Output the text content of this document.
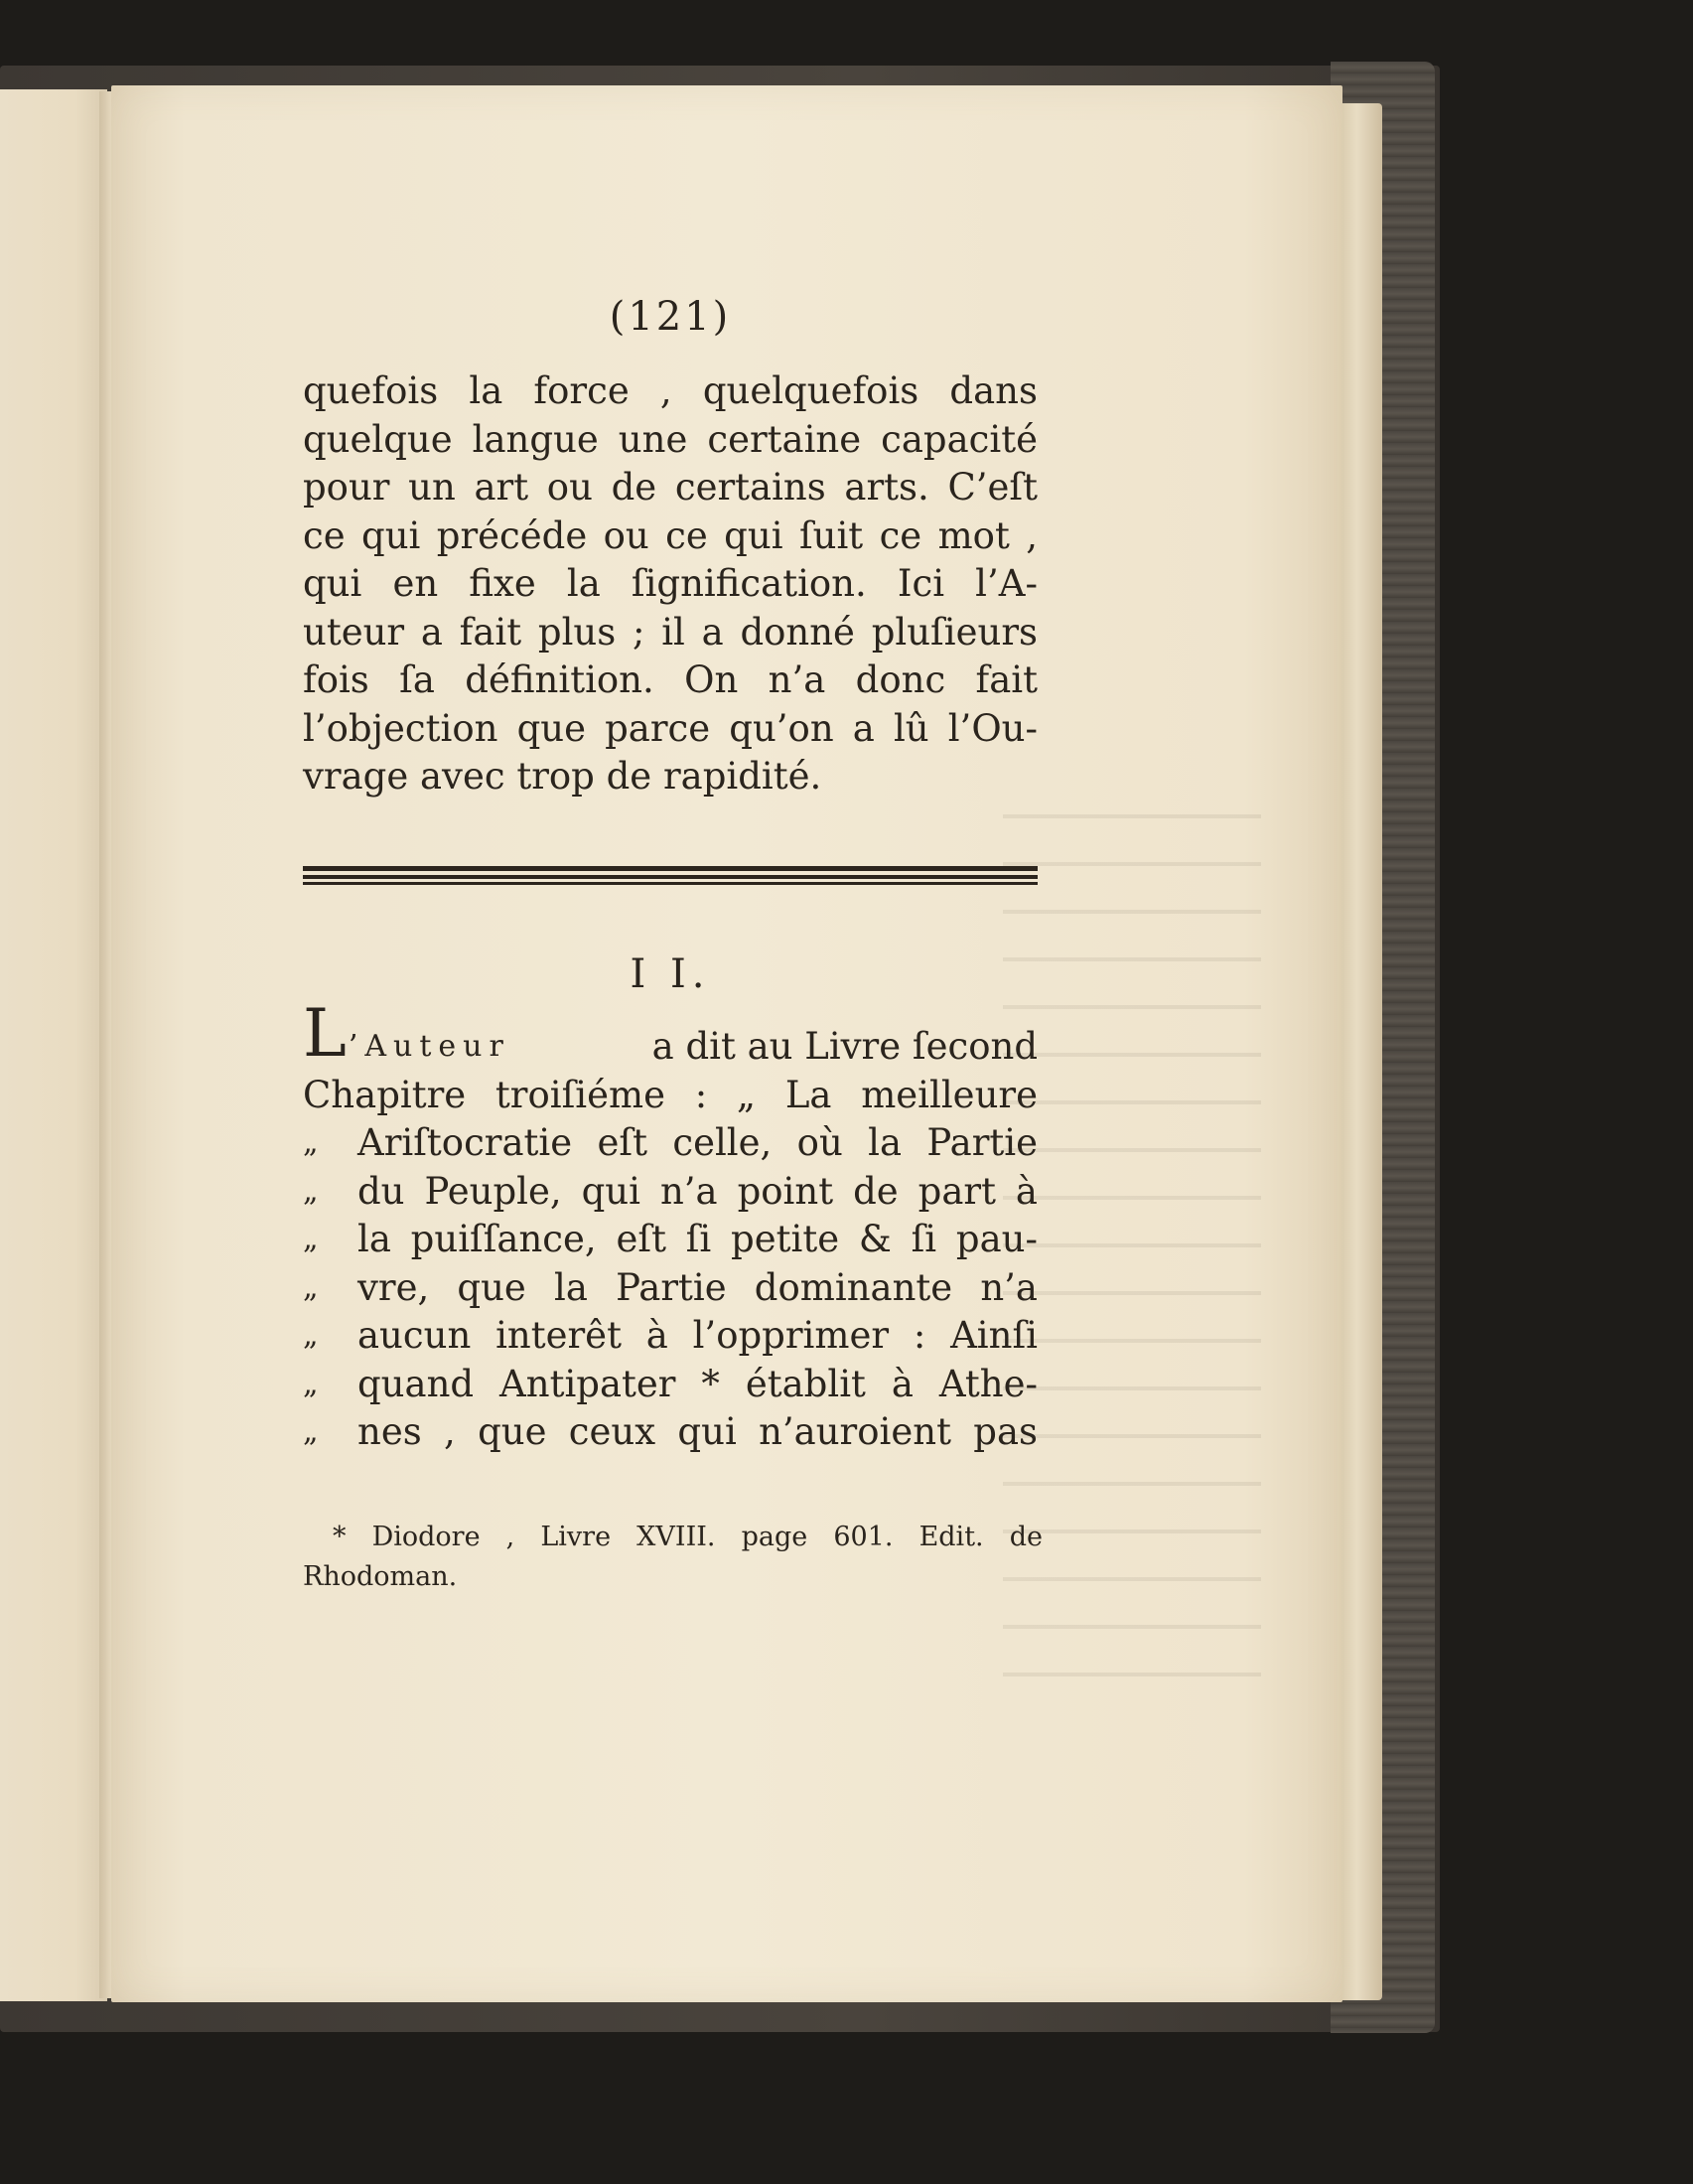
(121)
quefois la force , quelquefois dans
quelque langue une certaine capacité
pour un art ou de certains arts. C’eſt
ce qui précéde ou ce qui ſuit ce mot ,
qui en fixe la ſignification. Ici l’A-
uteur a fait plus ; il a donné pluſieurs
fois ſa définition. On n’a donc fait
l’objection que parce qu’on a lû l’Ou-
vrage avec trop de rapidité.
I I.
L’Auteur	a dit au Livre ſecond
Chapitre troiſiéme : „ La meilleure
„	Ariſtocratie eſt celle, où la Partie
„	du Peuple, qui n’a point de part à
„	la puiſſance, eſt ſi petite & ſi pau-
„	vre, que la Partie dominante n’a
„	aucun interêt à l’opprimer : Ainſi
„	quand Antipater * établit à Athe-
„	nes , que ceux qui n’auroient pas
* Diodore , Livre XVIII. page 601. Edit. de
Rhodoman.
